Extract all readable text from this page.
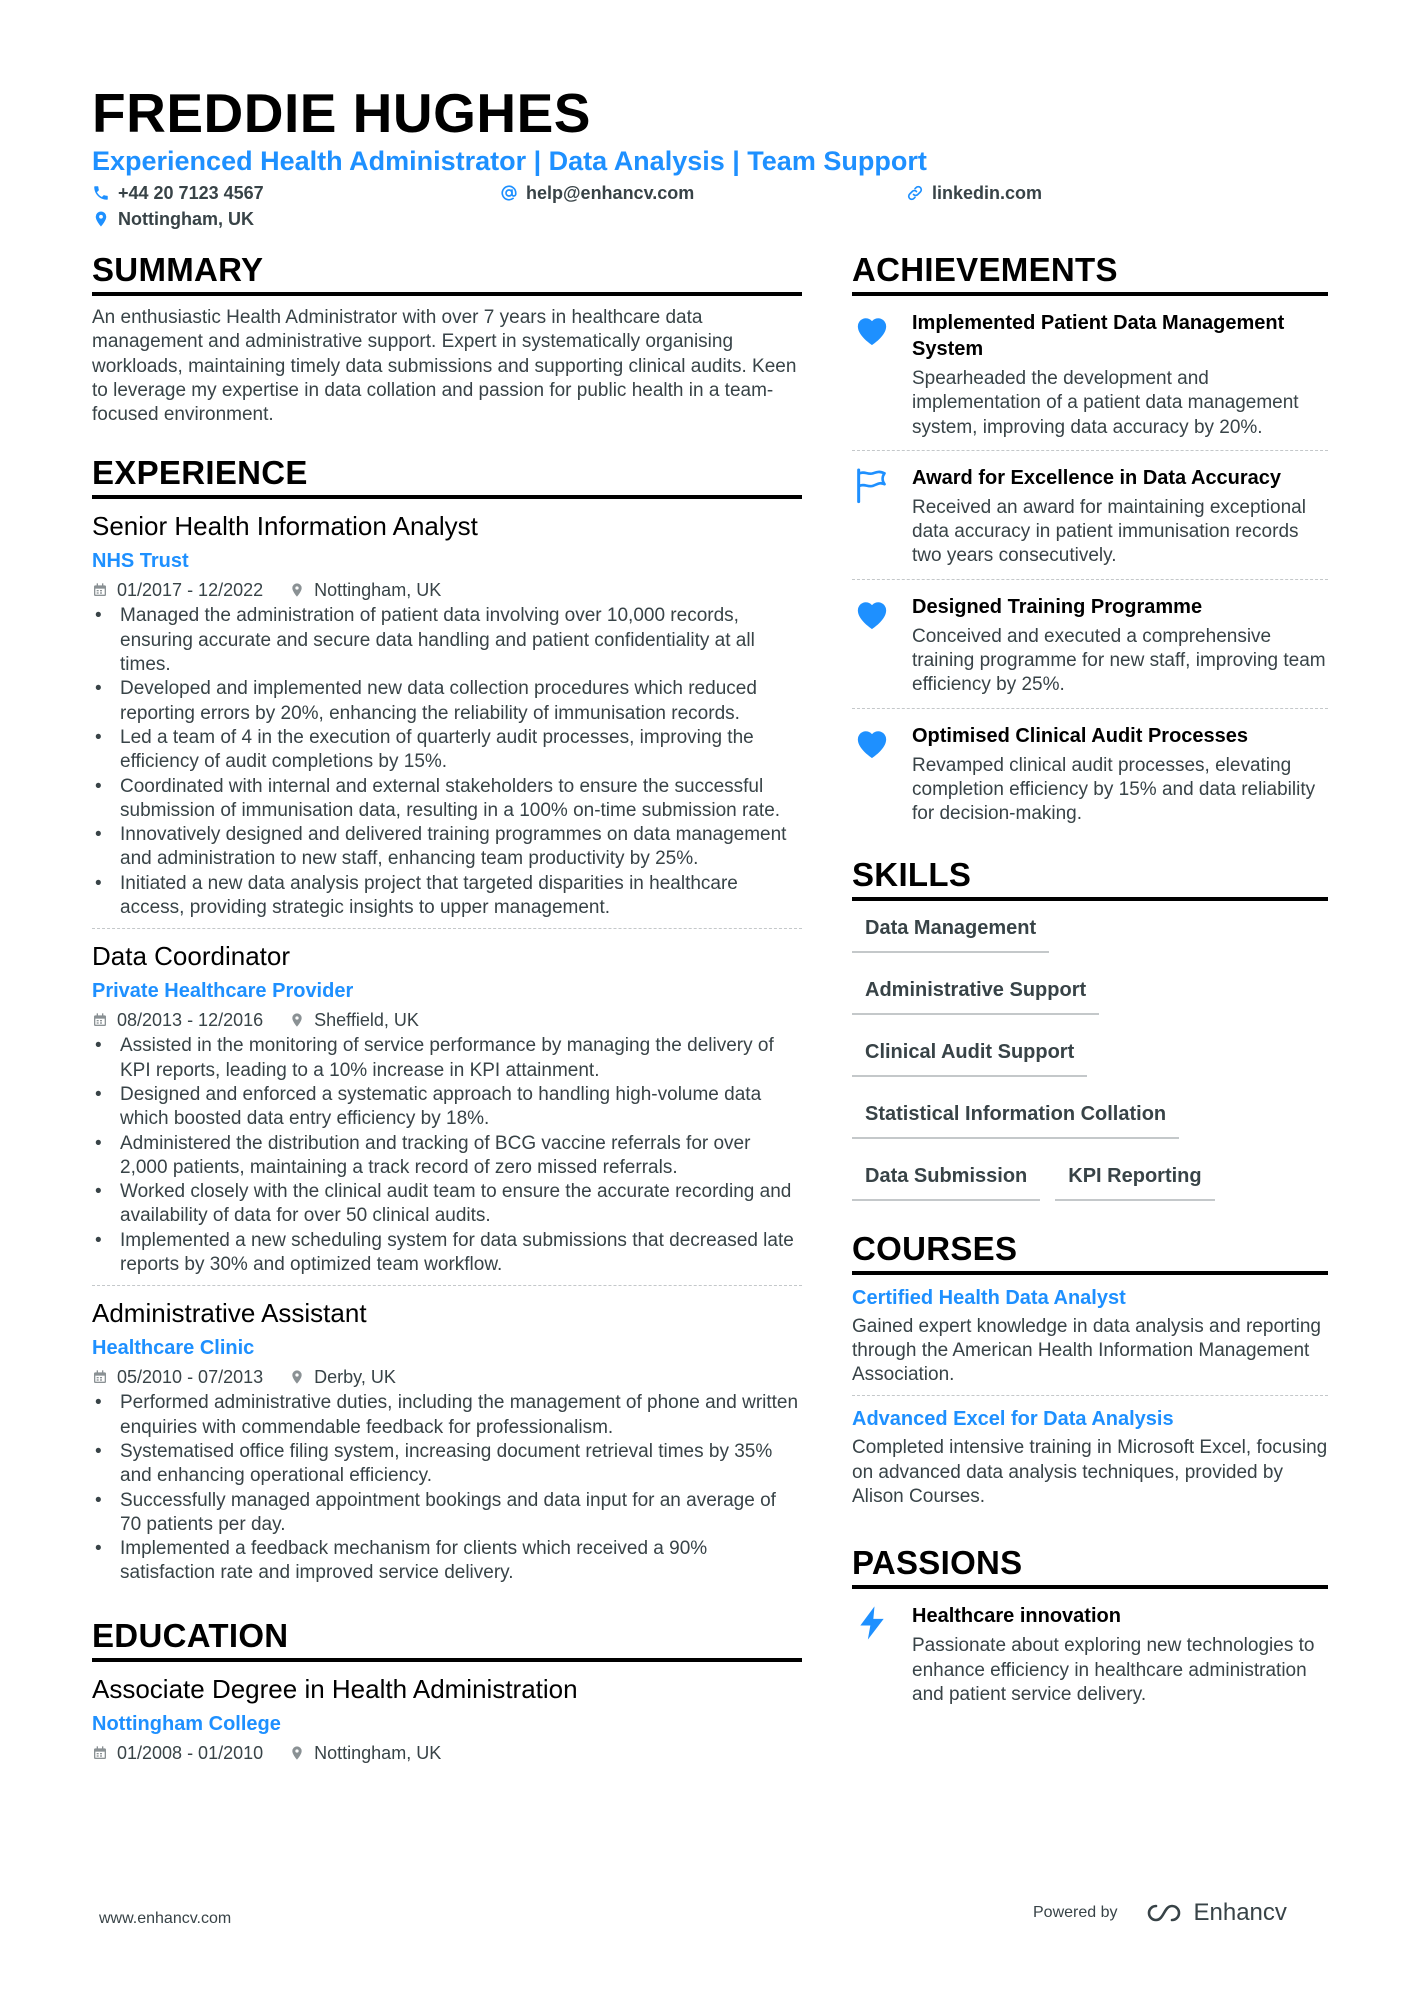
FREDDIE HUGHES
Experienced Health Administrator | Data Analysis | Team Support
+44 20 7123 4567	help@enhancv.com	linkedin.com
Nottingham, UK
SUMMARY
An enthusiastic Health Administrator with over 7 years in healthcare data management and administrative support. Expert in systematically organising workloads, maintaining timely data submissions and supporting clinical audits. Keen to leverage my expertise in data collation and passion for public health in a team-focused environment.
EXPERIENCE
Senior Health Information Analyst
NHS Trust
01/2017 - 12/2022	Nottingham, UK
• Managed the administration of patient data involving over 10,000 records, ensuring accurate and secure data handling and patient confidentiality at all times.
• Developed and implemented new data collection procedures which reduced reporting errors by 20%, enhancing the reliability of immunisation records.
• Led a team of 4 in the execution of quarterly audit processes, improving the efficiency of audit completions by 15%.
• Coordinated with internal and external stakeholders to ensure the successful submission of immunisation data, resulting in a 100% on-time submission rate.
• Innovatively designed and delivered training programmes on data management and administration to new staff, enhancing team productivity by 25%.
• Initiated a new data analysis project that targeted disparities in healthcare access, providing strategic insights to upper management.
Data Coordinator
Private Healthcare Provider
08/2013 - 12/2016	Sheffield, UK
• Assisted in the monitoring of service performance by managing the delivery of KPI reports, leading to a 10% increase in KPI attainment.
• Designed and enforced a systematic approach to handling high-volume data which boosted data entry efficiency by 18%.
• Administered the distribution and tracking of BCG vaccine referrals for over 2,000 patients, maintaining a track record of zero missed referrals.
• Worked closely with the clinical audit team to ensure the accurate recording and availability of data for over 50 clinical audits.
• Implemented a new scheduling system for data submissions that decreased late reports by 30% and optimized team workflow.
Administrative Assistant
Healthcare Clinic
05/2010 - 07/2013	Derby, UK
• Performed administrative duties, including the management of phone and written enquiries with commendable feedback for professionalism.
• Systematised office filing system, increasing document retrieval times by 35% and enhancing operational efficiency.
• Successfully managed appointment bookings and data input for an average of 70 patients per day.
• Implemented a feedback mechanism for clients which received a 90% satisfaction rate and improved service delivery.
EDUCATION
Associate Degree in Health Administration
Nottingham College
01/2008 - 01/2010	Nottingham, UK
ACHIEVEMENTS
Implemented Patient Data Management System
Spearheaded the development and implementation of a patient data management system, improving data accuracy by 20%.
Award for Excellence in Data Accuracy
Received an award for maintaining exceptional data accuracy in patient immunisation records two years consecutively.
Designed Training Programme
Conceived and executed a comprehensive training programme for new staff, improving team efficiency by 25%.
Optimised Clinical Audit Processes
Revamped clinical audit processes, elevating completion efficiency by 15% and data reliability for decision-making.
SKILLS
Data Management
Administrative Support
Clinical Audit Support
Statistical Information Collation
Data Submission	KPI Reporting
COURSES
Certified Health Data Analyst
Gained expert knowledge in data analysis and reporting through the American Health Information Management Association.
Advanced Excel for Data Analysis
Completed intensive training in Microsoft Excel, focusing on advanced data analysis techniques, provided by Alison Courses.
PASSIONS
Healthcare innovation
Passionate about exploring new technologies to enhance efficiency in healthcare administration and patient service delivery.
www.enhancv.com	Powered by	Enhancv
